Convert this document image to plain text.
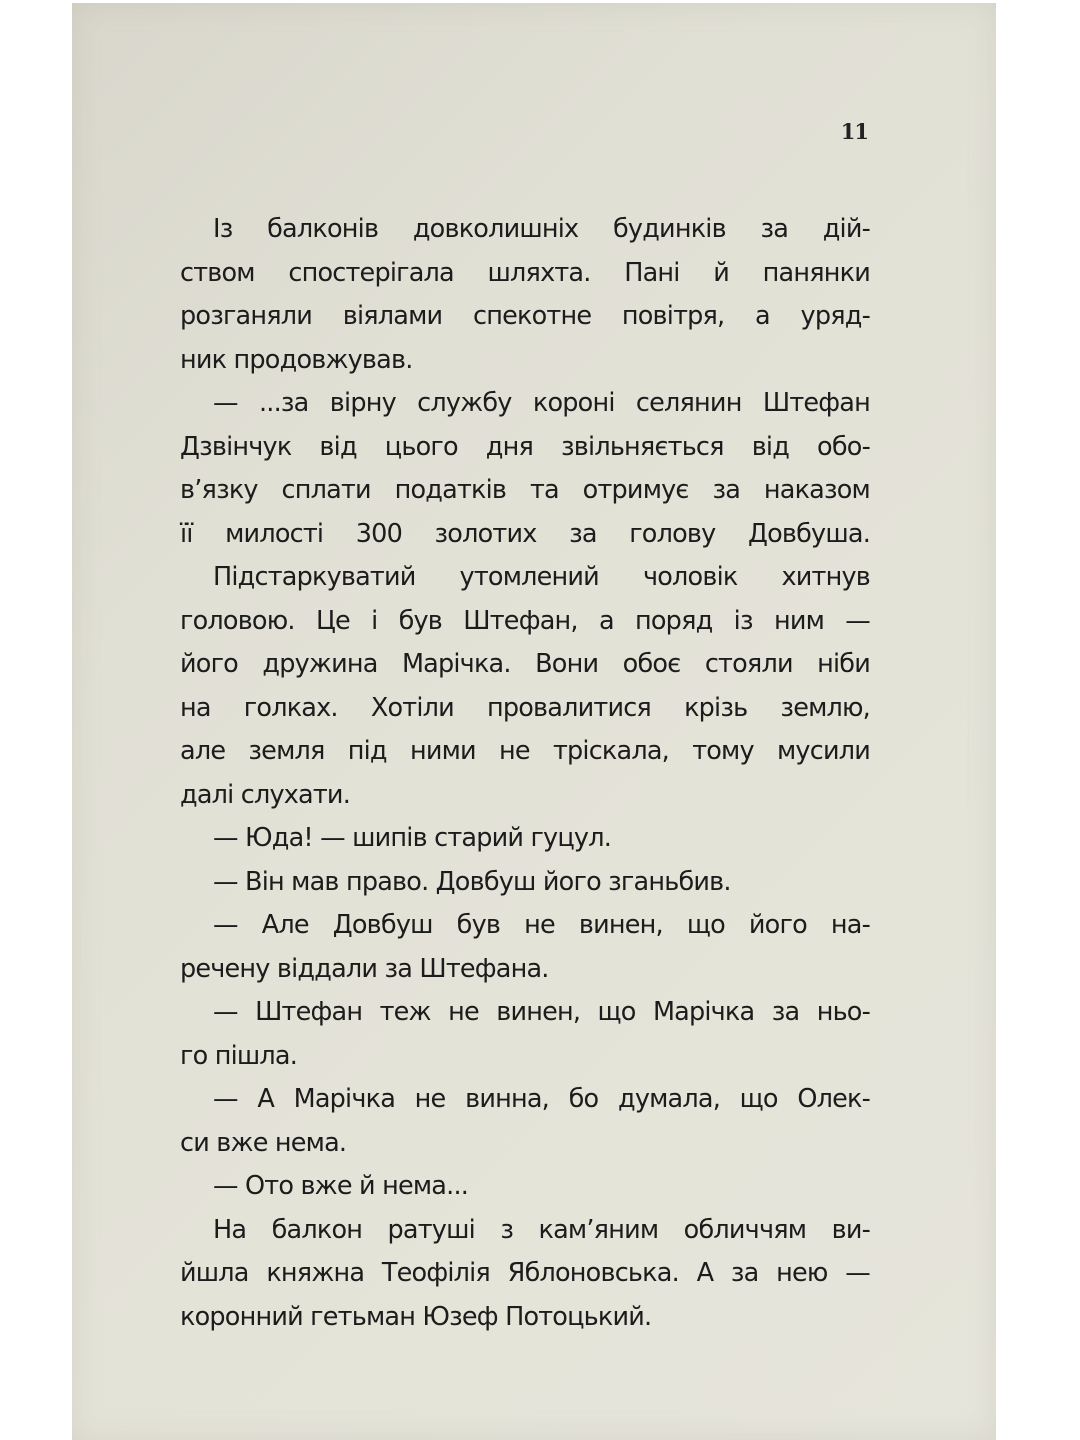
11
Із балконів довколишніх будинків за дій-
ством спостерігала шляхта. Пані й панянки
розганяли віялами спекотне повітря, а уряд-
ник продовжував.
— ...за вірну службу короні селянин Штефан
Дзвінчук від цього дня звільняється від обо-
в’язку сплати податків та отримує за наказом
її милості 300 золотих за голову Довбуша.
Підстаркуватий утомлений чоловік хитнув
головою. Це і був Штефан, а поряд із ним —
його дружина Марічка. Вони обоє стояли ніби
на голках. Хотіли провалитися крізь землю,
але земля під ними не тріскала, тому мусили
далі слухати.
— Юда! — шипів старий гуцул.
— Він мав право. Довбуш його зганьбив.
— Але Довбуш був не винен, що його на-
речену віддали за Штефана.
— Штефан теж не винен, що Марічка за ньо-
го пішла.
— А Марічка не винна, бо думала, що Олек-
си вже нема.
— Ото вже й нема...
На балкон ратуші з кам’яним обличчям ви-
йшла княжна Теофілія Яблоновська. А за нею —
коронний гетьман Юзеф Потоцький.
